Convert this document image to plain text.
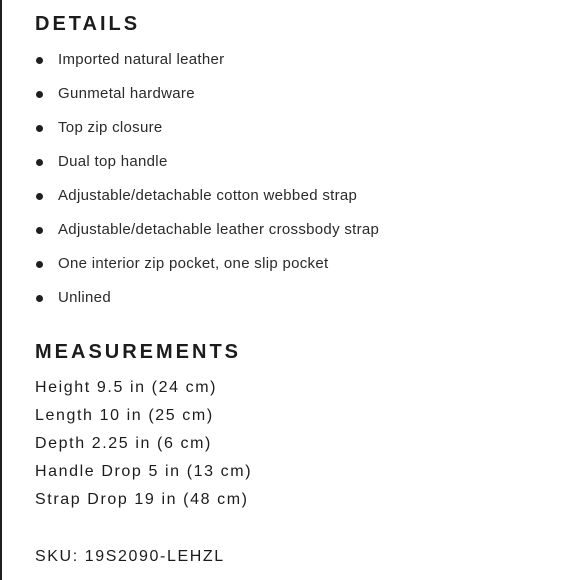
DETAILS
Imported natural leather
Gunmetal hardware
Top zip closure
Dual top handle
Adjustable/detachable cotton webbed strap
Adjustable/detachable leather crossbody strap
One interior zip pocket, one slip pocket
Unlined
MEASUREMENTS
Height 9.5 in (24 cm)
Length 10 in (25 cm)
Depth 2.25 in (6 cm)
Handle Drop 5 in (13 cm)
Strap Drop 19 in (48 cm)
SKU: 19S2090-LEHZL
